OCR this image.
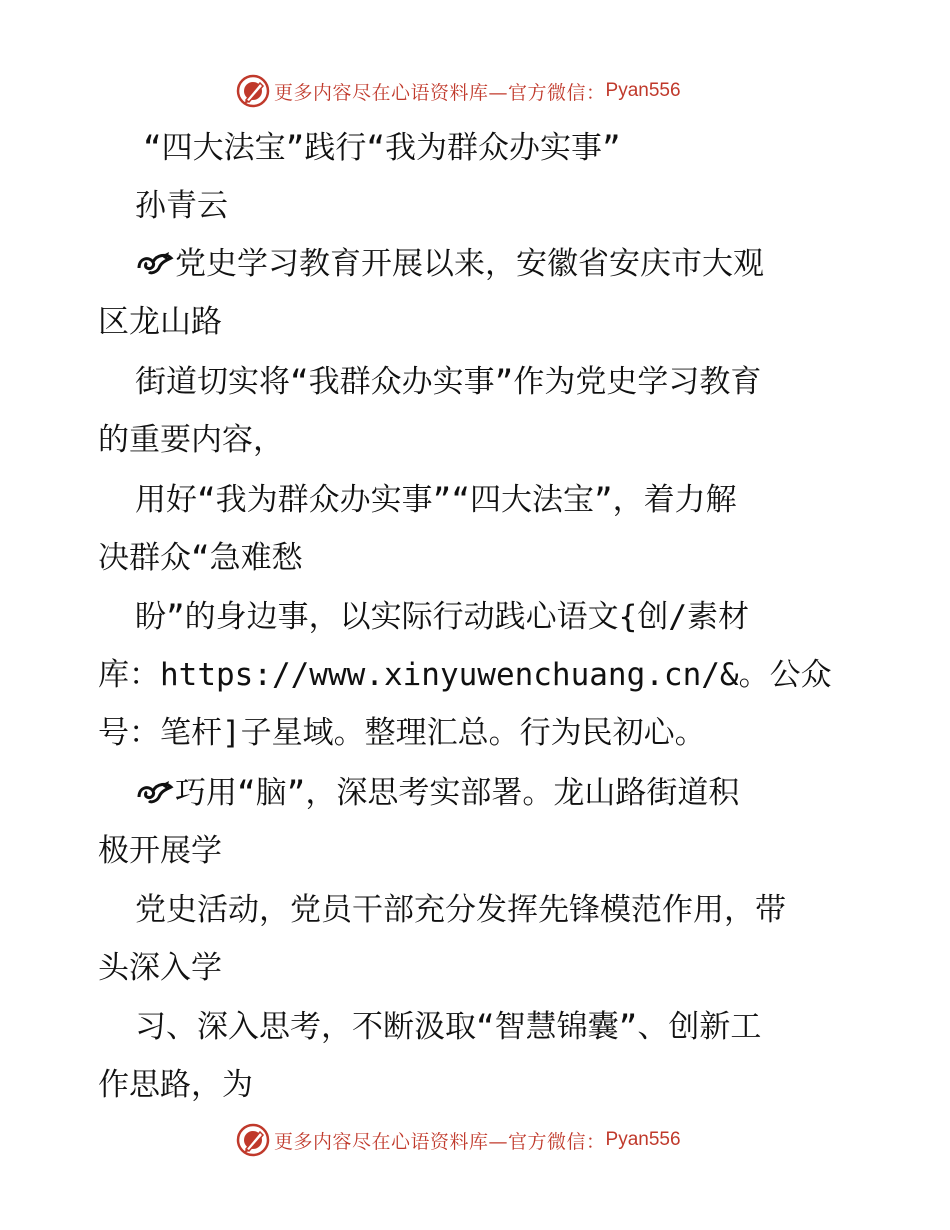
更多内容尽在心语资料库—官方微信： Pyan556
“四大法宝”践行“我为群众办实事”
孙青云
党史学习教育开展以来，安徽省安庆市大观
区龙山路
街道切实将“我群众办实事”作为党史学习教育
的重要内容，
用好“我为群众办实事”“四大法宝”，着力解
决群众“急难愁
盼”的身边事，以实际行动践心语文{创/素材
库：https://www.xinyuwenchuang.cn/&。公众
号：笔杆]子星域。整理汇总。行为民初心。
巧用“脑”，深思考实部署。龙山路街道积
极开展学
党史活动，党员干部充分发挥先锋模范作用，带
头深入学
习、深入思考，不断汲取“智慧锦囊”、创新工
作思路，为
更多内容尽在心语资料库—官方微信： Pyan556
